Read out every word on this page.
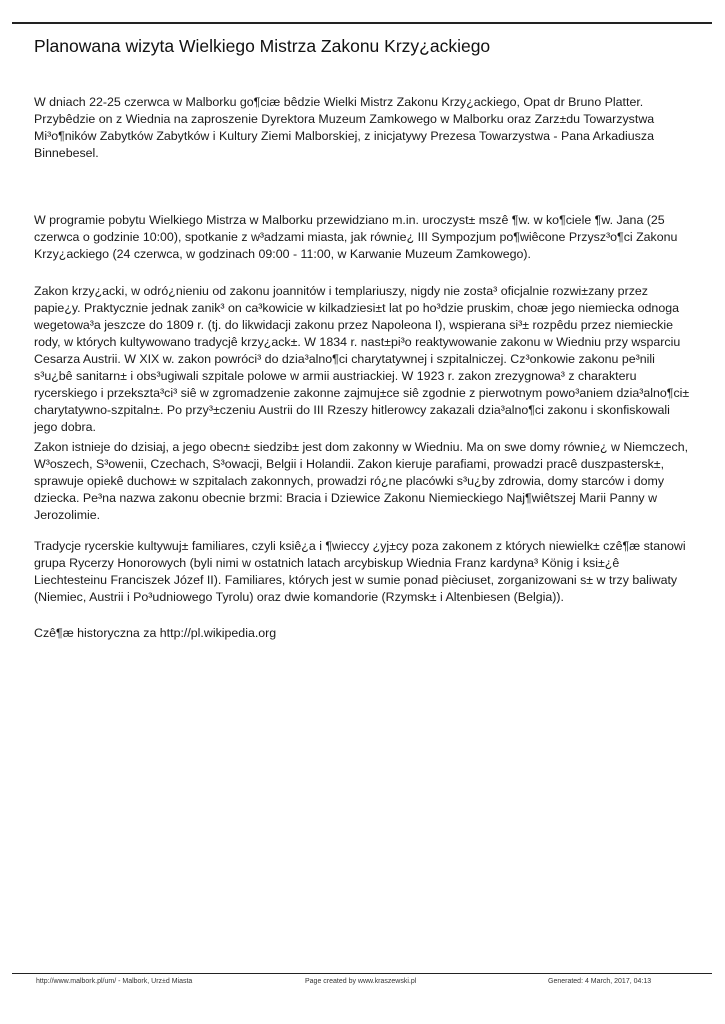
Planowana wizyta Wielkiego Mistrza Zakonu Krzy¿ackiego

W dniach 22-25 czerwca w Malborku go¶ciæ bêdzie Wielki Mistrz Zakonu Krzy¿ackiego, Opat dr Bruno Platter. Przybêdzie on z Wiednia na zaproszenie Dyrektora Muzeum Zamkowego w Malborku oraz Zarz±du Towarzystwa Mi³o¶ników Zabytków Zabytków i Kultury Ziemi Malborskiej, z inicjatywy Prezesa Towarzystwa - Pana Arkadiusza Binnebesel.

W programie pobytu Wielkiego Mistrza w Malborku przewidziano m.in. uroczyst± mszê ¶w. w ko¶ciele ¶w. Jana (25 czerwca o godzinie 10:00), spotkanie z w³adzami miasta, jak równie¿ III Sympozjum po¶wiêcone Przysz³o¶ci Zakonu Krzy¿ackiego (24 czerwca, w godzinach 09:00 - 11:00, w Karwanie Muzeum Zamkowego).

Zakon krzy¿acki, w odró¿nieniu od zakonu joannitów i templariuszy, nigdy nie zosta³ oficjalnie rozwi±zany przez papie¿y. Praktycznie jednak zanik³ on ca³kowicie w kilkadziesi±t lat po ho³dzie pruskim, choæ jego niemiecka odnoga wegetowa³a jeszcze do 1809 r. (tj. do likwidacji zakonu przez Napoleona I), wspierana si³± rozpêdu przez niemieckie rody, w których kultywowano tradycjê krzy¿ack±. W 1834 r. nast±pi³o reaktywowanie zakonu w Wiedniu przy wsparciu Cesarza Austrii. W XIX w. zakon powróci³ do dzia³alno¶ci charytatywnej i szpitalniczej. Cz³onkowie zakonu pe³nili s³u¿bê sanitarn± i obs³ugiwali szpitale polowe w armii austriackiej. W 1923 r. zakon zrezygnowa³ z charakteru rycerskiego i przekszta³ci³ siê w zgromadzenie zakonne zajmuj±ce siê zgodnie z pierwotnym powo³aniem dzia³alno¶ci± charytatywno-szpitaln±. Po przy³±czeniu Austrii do III Rzeszy hitlerowcy zakazali dzia³alno¶ci zakonu i skonfiskowali jego dobra.

Zakon istnieje do dzisiaj, a jego obecn± siedzib± jest dom zakonny w Wiedniu. Ma on swe domy równie¿ w Niemczech, W³oszech, S³owenii, Czechach, S³owacji, Belgii i Holandii. Zakon kieruje parafiami, prowadzi pracê duszpastersk±, sprawuje opiekê duchow± w szpitalach zakonnych, prowadzi ró¿ne placówki s³u¿by zdrowia, domy starców i domy dziecka. Pe³na nazwa zakonu obecnie brzmi: Bracia i Dziewice Zakonu Niemieckiego Naj¶wiêtszej Marii Panny w Jerozolimie.

Tradycje rycerskie kultywuj± familiares, czyli ksiê¿a i ¶wieccy ¿yj±cy poza zakonem z których niewielk± czê¶æ stanowi grupa Rycerzy Honorowych (byli nimi w ostatnich latach arcybiskup Wiednia Franz kardyna³ König i ksi±¿ê Liechtesteinu Franciszek Józef II). Familiares, których jest w sumie ponad pièciuset, zorganizowani s± w trzy baliwaty (Niemiec, Austrii i Po³udniowego Tyrolu) oraz dwie komandorie (Rzymsk± i Altenbiesen (Belgia)).

Czê¶æ historyczna za http://pl.wikipedia.org

http://www.malbork.pl/um/ - Malbork, Urz±d Miasta	Page created by www.kraszewski.pl	Generated: 4 March, 2017, 04:13
